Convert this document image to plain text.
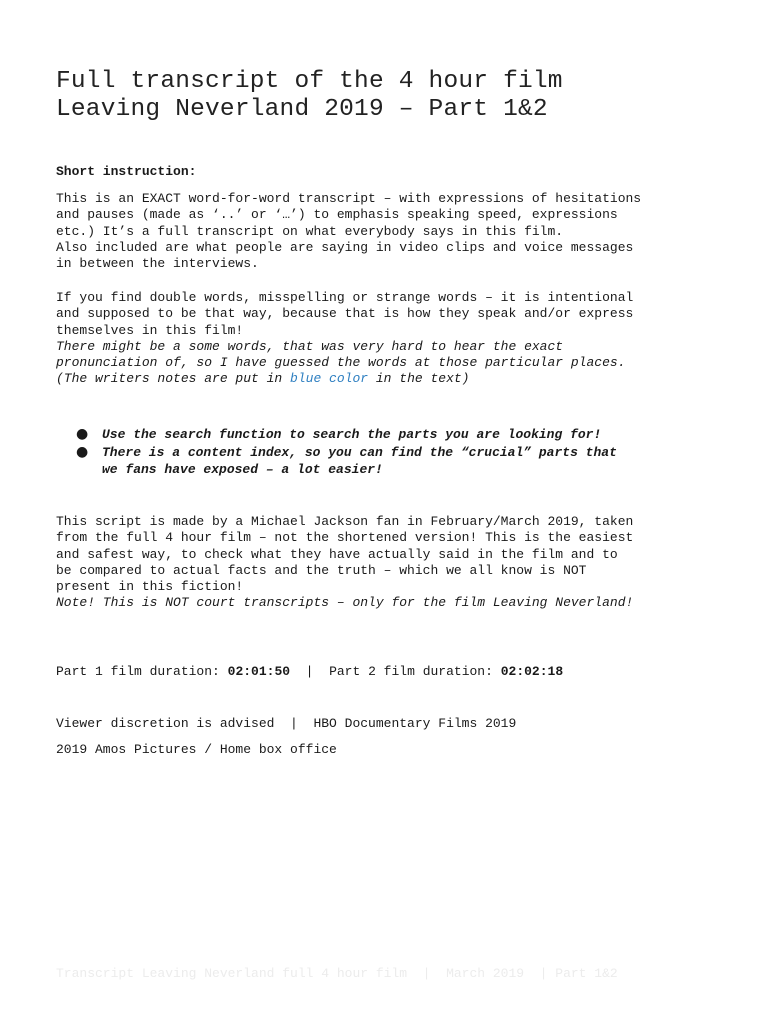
Full transcript of the 4 hour film
Leaving Neverland 2019 – Part 1&2
Short instruction:
This is an EXACT word-for-word transcript – with expressions of hesitations
and pauses (made as ‘..’ or ‘…’) to emphasis speaking speed, expressions
etc.) It’s a full transcript on what everybody says in this film.
Also included are what people are saying in video clips and voice messages
in between the interviews.
If you find double words, misspelling or strange words – it is intentional
and supposed to be that way, because that is how they speak and/or express
themselves in this film!
There might be a some words, that was very hard to hear the exact
pronunciation of, so I have guessed the words at those particular places.
(The writers notes are put in blue color in the text)
● Use the search function to search the parts you are looking for!
● There is a content index, so you can find the “crucial” parts that
we fans have exposed – a lot easier!
This script is made by a Michael Jackson fan in February/March 2019, taken
from the full 4 hour film – not the shortened version! This is the easiest
and safest way, to check what they have actually said in the film and to
be compared to actual facts and the truth – which we all know is NOT
present in this fiction!
Note! This is NOT court transcripts – only for the film Leaving Neverland!
Part 1 film duration: 02:01:50  |  Part 2 film duration: 02:02:18
Viewer discretion is advised  |  HBO Documentary Films 2019
2019 Amos Pictures / Home box office
Transcript Leaving Neverland full 4 hour film  |  March 2019  | Part 1&2
